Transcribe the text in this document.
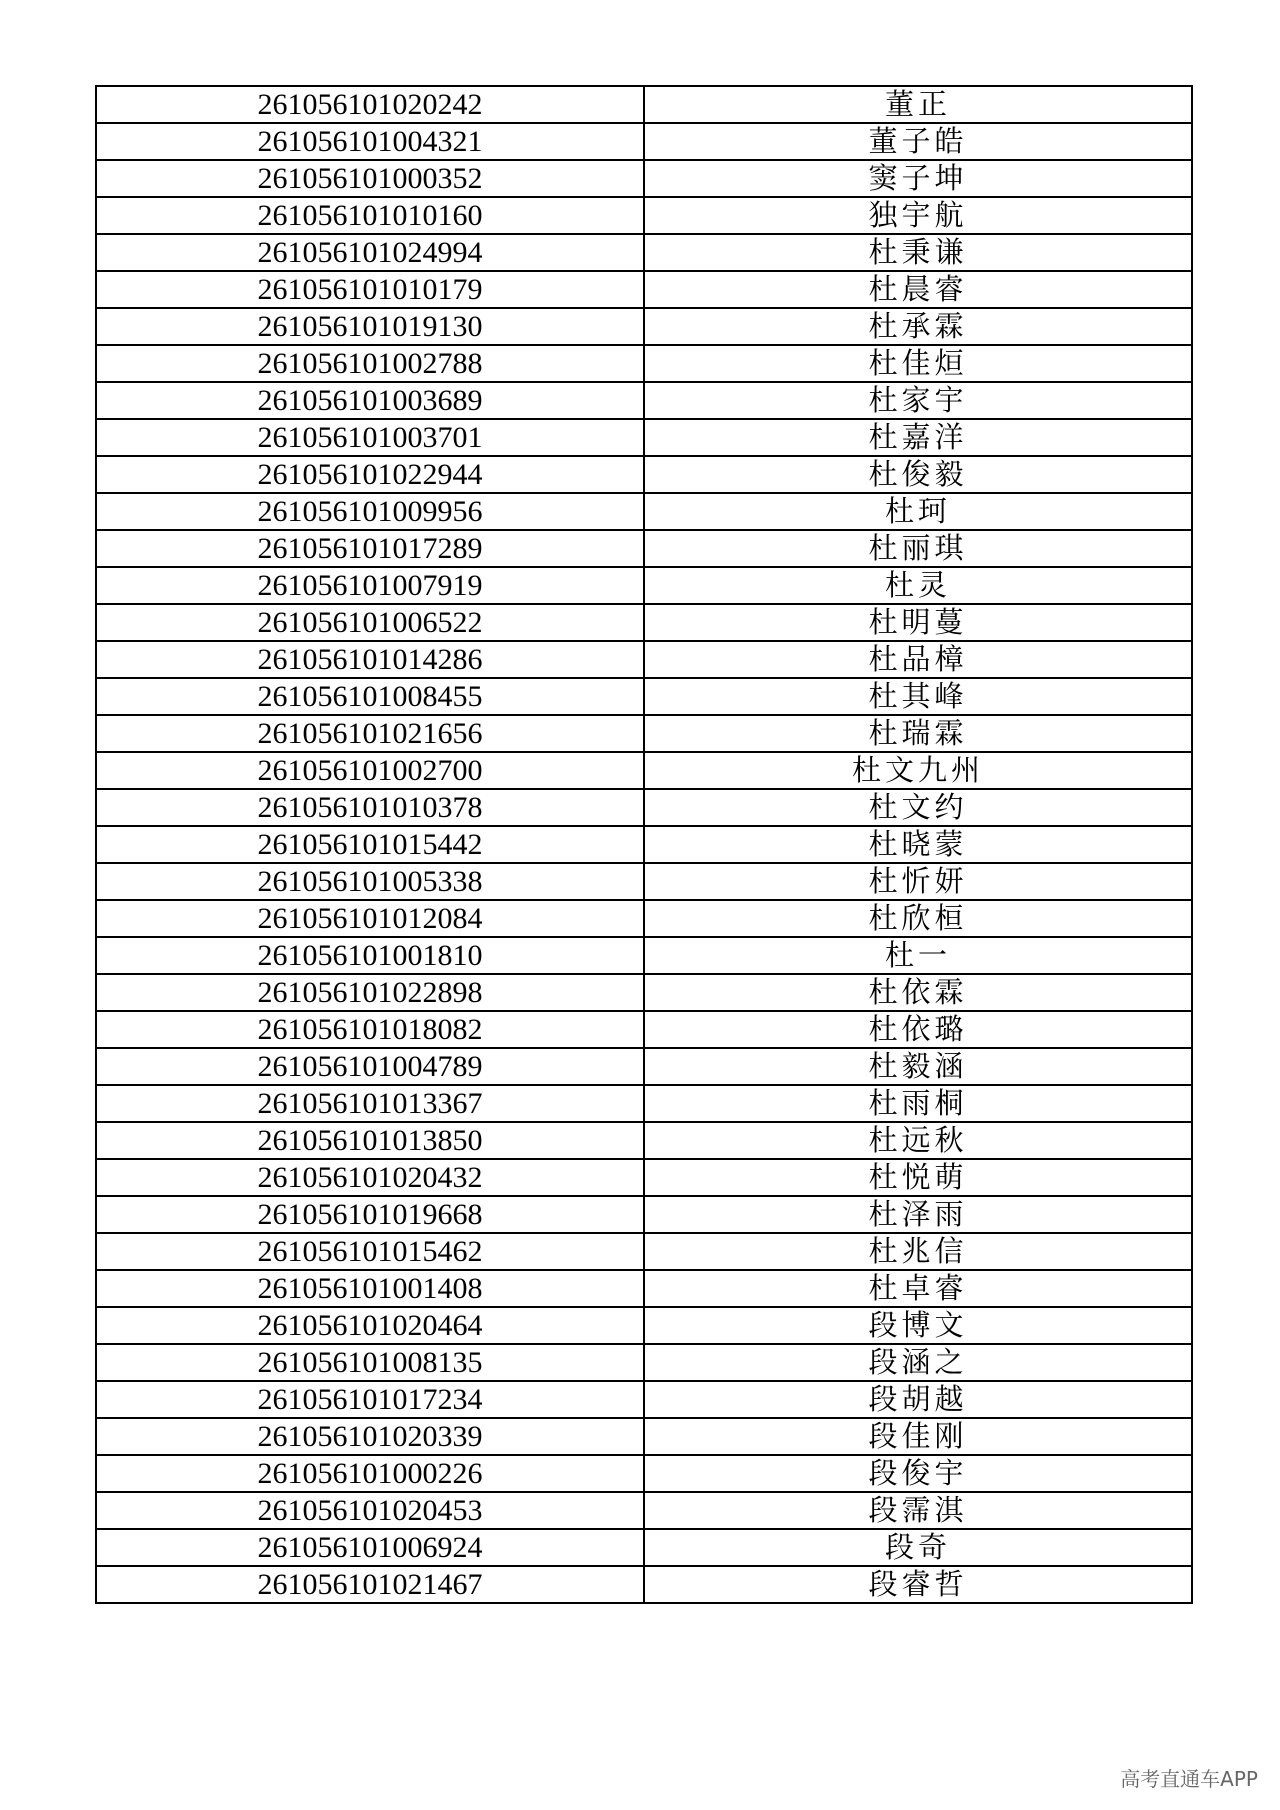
261056101020242	董正
261056101004321	董子皓
261056101000352	窦子坤
261056101010160	独宇航
261056101024994	杜秉谦
261056101010179	杜晨睿
261056101019130	杜承霖
261056101002788	杜佳烜
261056101003689	杜家宇
261056101003701	杜嘉洋
261056101022944	杜俊毅
261056101009956	杜珂
261056101017289	杜丽琪
261056101007919	杜灵
261056101006522	杜明蔓
261056101014286	杜品樟
261056101008455	杜其峰
261056101021656	杜瑞霖
261056101002700	杜文九州
261056101010378	杜文约
261056101015442	杜晓蒙
261056101005338	杜忻妍
261056101012084	杜欣桓
261056101001810	杜一
261056101022898	杜依霖
261056101018082	杜依璐
261056101004789	杜毅涵
261056101013367	杜雨桐
261056101013850	杜远秋
261056101020432	杜悦萌
261056101019668	杜泽雨
261056101015462	杜兆信
261056101001408	杜卓睿
261056101020464	段博文
261056101008135	段涵之
261056101017234	段胡越
261056101020339	段佳刚
261056101000226	段俊宇
261056101020453	段霈淇
261056101006924	段奇
261056101021467	段睿哲
高考直通车APP
